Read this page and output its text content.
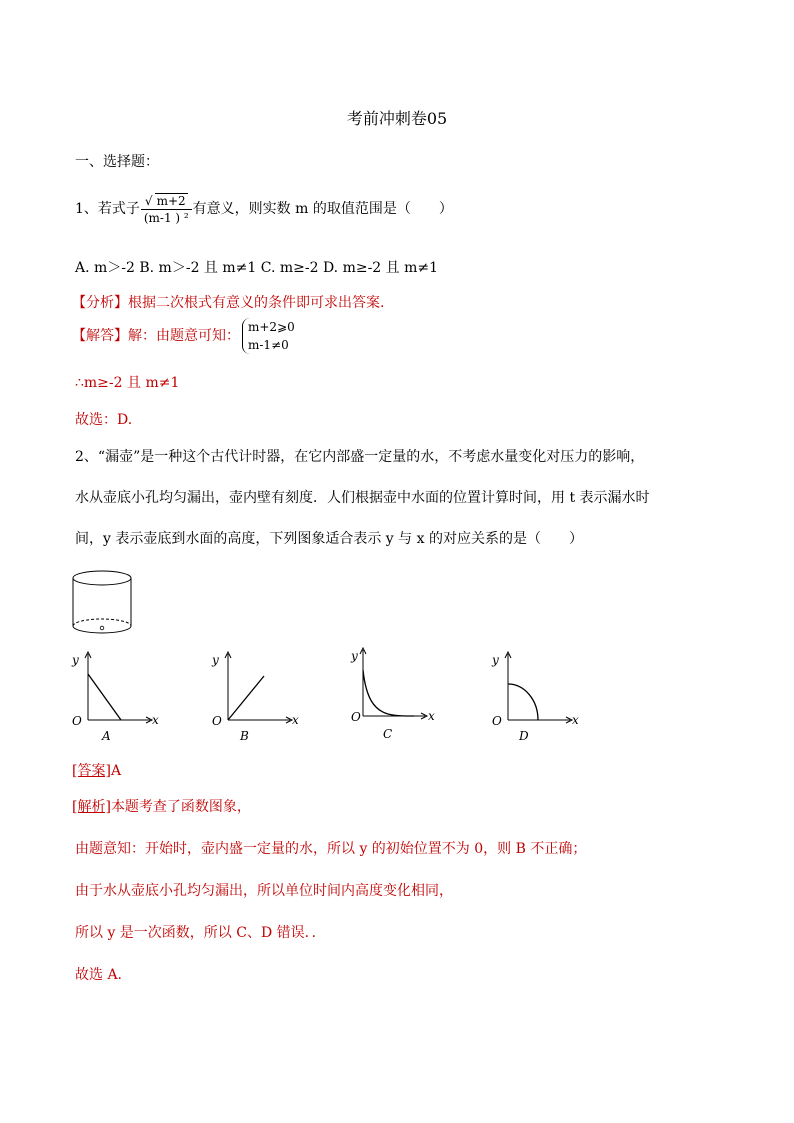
考前冲刺卷05
一、选择题：
1、若式子 $\frac{√ m+2}{\text{(m-1 ) ²}}$ 有意义，则实数 m 的取值范围是（　　）
A. m＞-2 B. m＞-2 且 m≠1 C. m≥-2 D. m≥-2 且 m≠1
【分析】根据二次根式有意义的条件即可求出答案.
【解答】解：由题意可知：
m+2⩾0
m-1≠0
∴m≥-2 且 m≠1
故选：D.
2、“漏壶”是一种这个古代计时器，在它内部盛一定量的水，不考虑水量变化对压力的影响，
水从壶底小孔均匀漏出，壶内壁有刻度．人们根据壶中水面的位置计算时间，用 t 表示漏水时
间，y 表示壶底到水面的高度，下列图象适合表示 y 与 x 的对应关系的是（　　）
y
x
O
A
y
x
O
B
y
x
O
C
y
x
O
D
[答案]A
[解析]本题考查了函数图象，
由题意知：开始时，壶内盛一定量的水，所以 y 的初始位置不为 0，则 B 不正确；
由于水从壶底小孔均匀漏出，所以单位时间内高度变化相同，
所以 y 是一次函数，所以 C、D 错误．．
故选 A.
